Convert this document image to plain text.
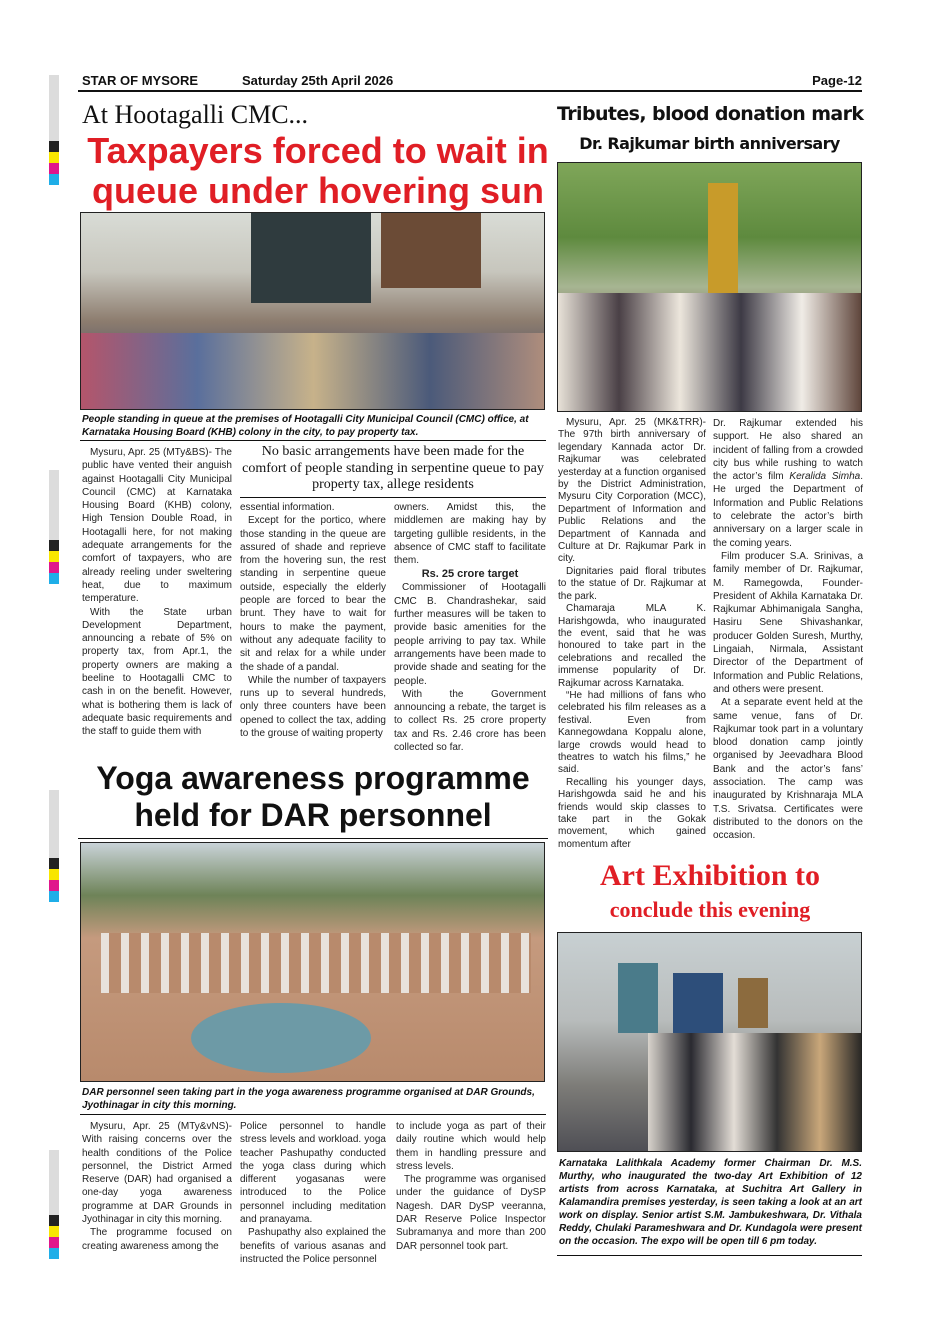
STAR OF MYSORE	Saturday 25th April 2026	Page-12
At Hootagalli CMC...
Taxpayers forced to wait in
queue under hovering sun
People standing in queue at the premises of Hootagalli City Municipal Council (CMC) office, at Karnataka Housing Board (KHB) colony in the city, to pay property tax.
No basic arrangements have been made for the comfort of people standing in serpentine queue to pay property tax, allege residents

Mysuru, Apr. 25 (MTy&BS)- The public have vented their anguish against Hootagalli City Municipal Council (CMC) at Karnataka Housing Board (KHB) colony, High Tension Double Road, in Hootagalli here, for not making adequate arrangements for the comfort of taxpayers, who are already reeling under sweltering heat, due to maximum temperature.

With the State urban Development Department, announcing a rebate of 5% on property tax, from Apr.1, the property owners are making a beeline to Hootagalli CMC to cash in on the benefit. However, what is bothering them is lack of adequate basic requirements and the staff to guide them with

essential information.

Except for the portico, where those standing in the queue are assured of shade and reprieve from the hovering sun, the rest standing in serpentine queue outside, especially the elderly people are forced to bear the brunt. They have to wait for hours to make the payment, without any adequate facility to sit and relax for a while under the shade of a pandal.

While the number of taxpayers runs up to several hundreds, only three counters have been opened to collect the tax, adding to the grouse of waiting property

owners. Amidst this, the middlemen are making hay by targeting gullible residents, in the absence of CMC staff to facilitate them.

Rs. 25 crore target

Commissioner of Hootagalli CMC B. Chandrashekar, said further measures will be taken to provide basic amenities for the people arriving to pay tax. While arrangements have been made to provide shade and seating for the people.

With the Government announcing a rebate, the target is to collect Rs. 25 crore property tax and Rs. 2.46 crore has been collected so far.

Tributes, blood donation mark
Dr. Rajkumar birth anniversary

Mysuru, Apr. 25 (MK&TRR)- The 97th birth anniversary of legendary Kannada actor Dr. Rajkumar was celebrated yesterday at a function organised by the District Administration, Mysuru City Corporation (MCC), Department of Information and Public Relations and the Department of Kannada and Culture at Dr. Rajkumar Park in city.

Dignitaries paid floral tributes to the statue of Dr. Rajkumar at the park.

Chamaraja MLA K. Harishgowda, who inaugurated the event, said that he was honoured to take part in the celebrations and recalled the immense popularity of Dr. Rajkumar across Karnataka.

“He had millions of fans who celebrated his film releases as a festival. Even from Kannegowdana Koppalu alone, large crowds would head to theatres to watch his films,” he said.

Recalling his younger days, Harishgowda said he and his friends would skip classes to take part in the Gokak movement, which gained momentum after

Dr. Rajkumar extended his support. He also shared an incident of falling from a crowded city bus while rushing to watch the actor’s film Keralida Simha. He urged the Department of Information and Public Relations to celebrate the actor’s birth anniversary on a larger scale in the coming years.

Film producer S.A. Srinivas, a family member of Dr. Rajkumar, M. Ramegowda, Founder-President of Akhila Karnataka Dr. Rajkumar Abhimanigala Sangha, Hasiru Sene Shivashankar, producer Golden Suresh, Murthy, Lingaiah, Nirmala, Assistant Director of the Department of Information and Public Relations, and others were present.

At a separate event held at the same venue, fans of Dr. Rajkumar took part in a voluntary blood donation camp jointly organised by Jeevadhara Blood Bank and the actor’s fans’ association. The camp was inaugurated by Krishnaraja MLA T.S. Srivatsa. Certificates were distributed to the donors on the occasion.

Yoga awareness programme
held for DAR personnel
DAR personnel seen taking part in the yoga awareness programme organised at DAR Grounds, Jyothinagar in city this morning.

Mysuru, Apr. 25 (MTy&vNS)- With raising concerns over the health conditions of the Police personnel, the District Armed Reserve (DAR) had organised a one-day yoga awareness programme at DAR Grounds in Jyothinagar in city this morning.

The programme focused on creating awareness among the

Police personnel to handle stress levels and workload. yoga teacher Pashupathy conducted the yoga class during which different yogasanas were introduced to the Police personnel including meditation and pranayama.

Pashupathy also explained the benefits of various asanas and instructed the Police personnel

to include yoga as part of their daily routine which would help them in handling pressure and stress levels.

The programme was organised under the guidance of DySP Nagesh. DAR DySP veeranna, DAR Reserve Police Inspector Subramanya and more than 200 DAR personnel took part.

Art Exhibition to
conclude this evening
Karnataka Lalithkala Academy former Chairman Dr. M.S. Murthy, who inaugurated the two-day Art Exhibition of 12 artists from across Karnataka, at Suchitra Art Gallery in Kalamandira premises yesterday, is seen taking a look at an art work on display. Senior artist S.M. Jambukeshwara, Dr. Vithala Reddy, Chulaki Parameshwara and Dr. Kundagola were present on the occasion. The expo will be open till 6 pm today.
